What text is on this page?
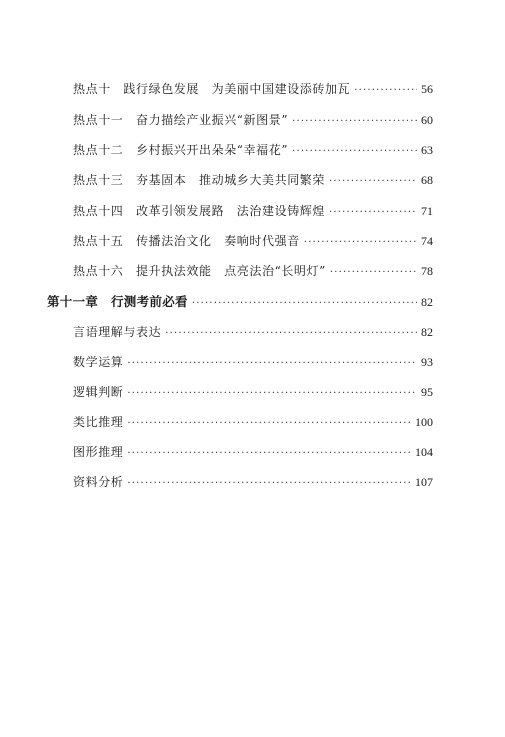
热点十　践行绿色发展　为美丽中国建设添砖加瓦 ·····	56
热点十一　奋力描绘产业振兴“新图景” ·····	60
热点十二　乡村振兴开出朵朵“幸福花” ·····	63
热点十三　夯基固本　推动城乡大美共同繁荣 ·····	68
热点十四　改革引领发展路　法治建设铸辉煌 ·····	71
热点十五　传播法治文化　奏响时代强音 ·····	74
热点十六　提升执法效能　点亮法治“长明灯” ·····	78
第十一章　行测考前必看 ·····	82
言语理解与表达 ·····	82
数学运算 ·····	93
逻辑判断 ·····	95
类比推理 ·····	100
图形推理 ·····	104
资料分析 ·····	107
